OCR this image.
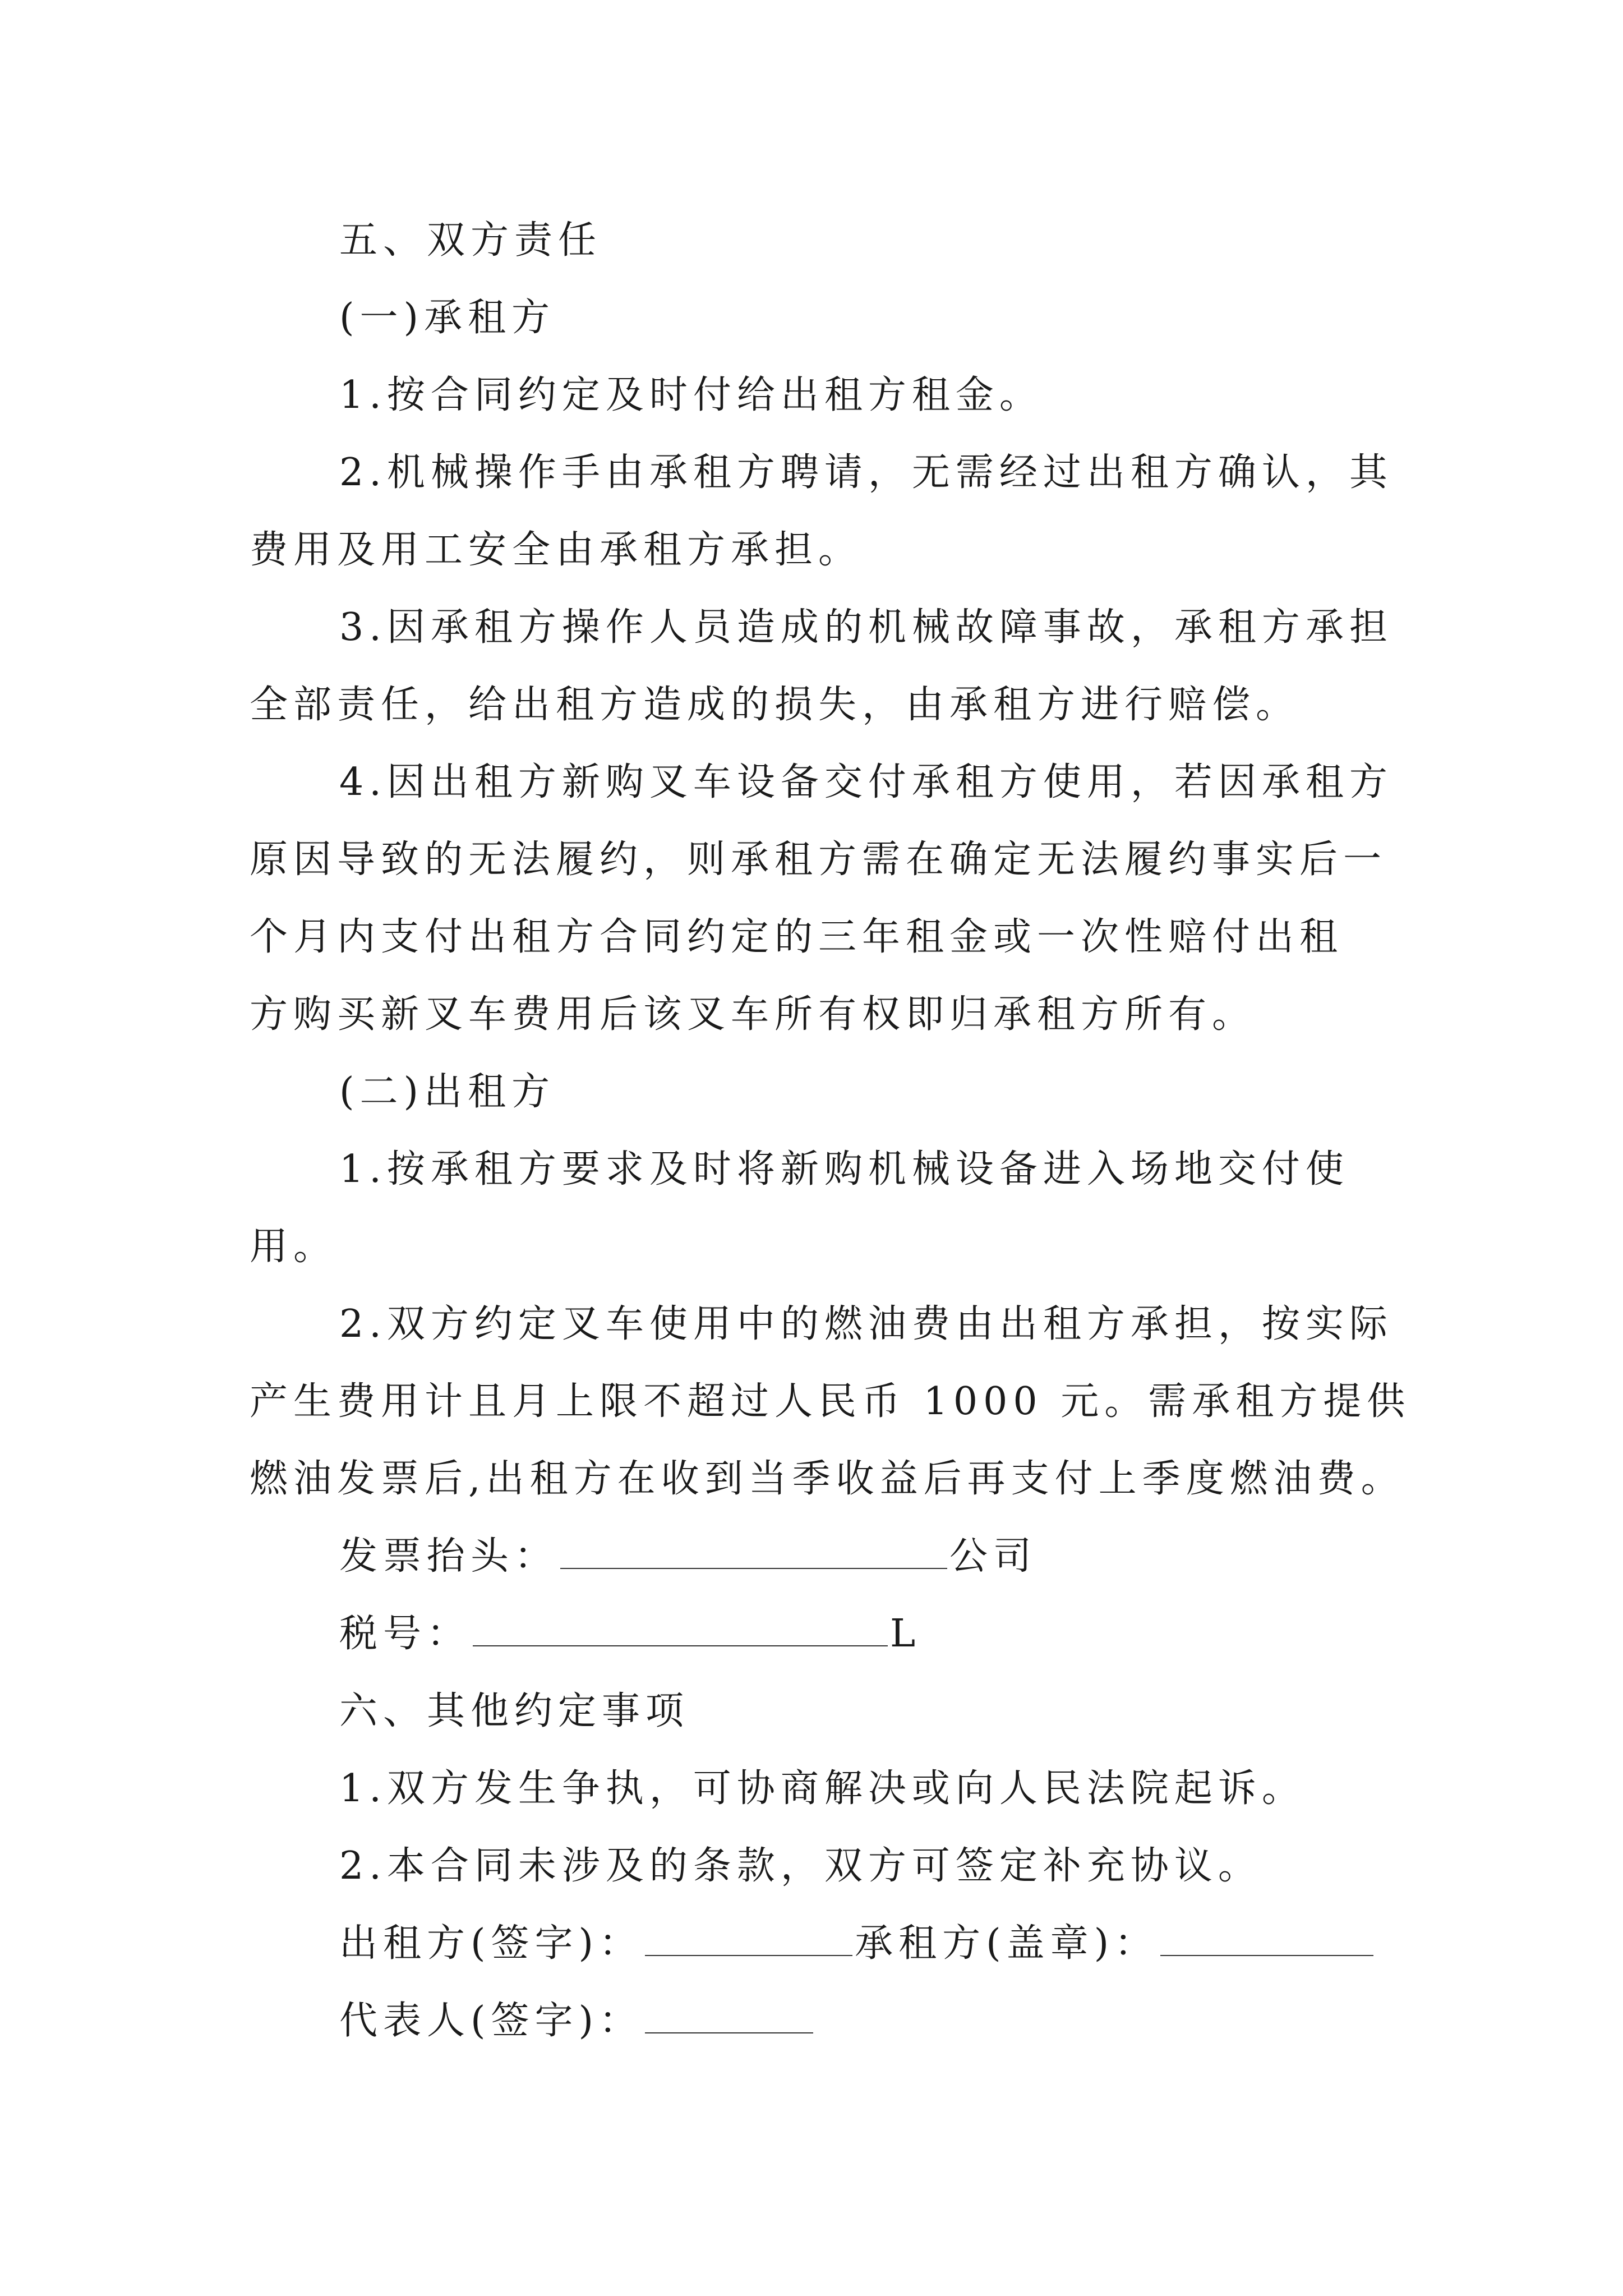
五、双方责任
(一)承租方
1.按合同约定及时付给出租方租金。
2.机械操作手由承租方聘请，无需经过出租方确认，其
费用及用工安全由承租方承担。
3.因承租方操作人员造成的机械故障事故，承租方承担
全部责任，给出租方造成的损失，由承租方进行赔偿。
4.因出租方新购叉车设备交付承租方使用，若因承租方
原因导致的无法履约，则承租方需在确定无法履约事实后一
个月内支付出租方合同约定的三年租金或一次性赔付出租
方购买新叉车费用后该叉车所有权即归承租方所有。
(二)出租方
1.按承租方要求及时将新购机械设备进入场地交付使
用。
2.双方约定叉车使用中的燃油费由出租方承担，按实际
产生费用计且月上限不超过人民币 1000 元。需承租方提供
燃油发票后,出租方在收到当季收益后再支付上季度燃油费。
发票抬头：	公司
税号：	L
六、其他约定事项
1.双方发生争执，可协商解决或向人民法院起诉。
2.本合同未涉及的条款，双方可签定补充协议。
出租方(签字)：	承租方(盖章)：
代表人(签字)：
